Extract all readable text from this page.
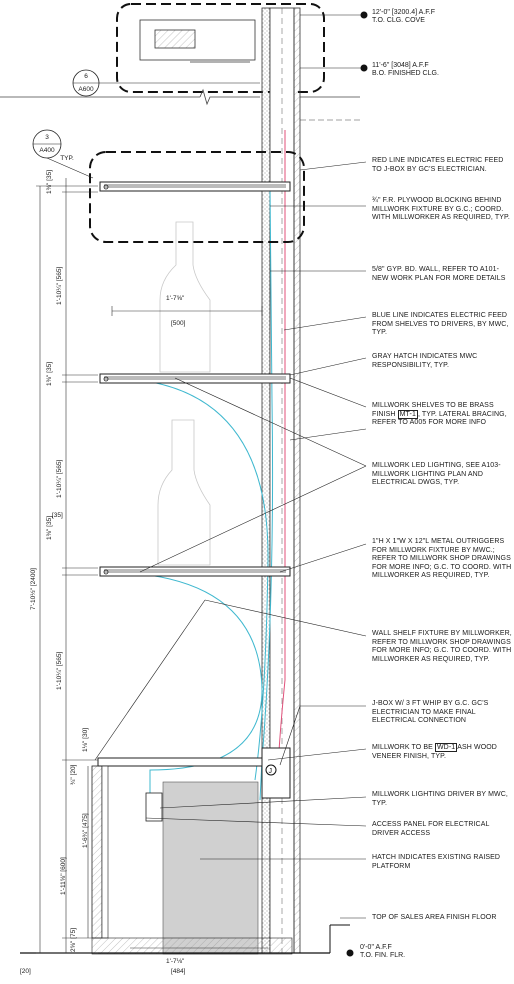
J
12'-0" [3200.4] A.F.F
T.O. CLG. COVE
11'-6" [3048] A.F.F
B.O. FINISHED CLG.
0'-0" A.F.F
T.O. FIN. FLR.
6
A600
3
A400
TYP.	RED LINE INDICATES ELECTRIC FEED TO J-BOX BY GC'S ELECTRICIAN.
¾" F.R. PLYWOOD BLOCKING BEHIND MILLWORK FIXTURE BY G.C.; COORD. WITH MILLWORKER AS REQUIRED, TYP.
5/8" GYP. BD. WALL, REFER TO A101-NEW WORK PLAN FOR MORE DETAILS
BLUE LINE INDICATES ELECTRIC FEED FROM SHELVES TO DRIVERS, BY MWC, TYP.
GRAY HATCH INDICATES MWC RESPONSIBILITY, TYP.
MILLWORK SHELVES TO BE BRASS FINISH MT-1 , TYP. LATERAL BRACING, REFER TO A005 FOR MORE INFO
MILLWORK LED LIGHTING, SEE A103-MILLWORK LIGHTING PLAN AND ELECTRICAL DWGS, TYP.
1"H X 1"W X 12"L METAL OUTRIGGERS FOR MILLWORK FIXTURE BY MWC.; REFER TO MILLWORK SHOP DRAWINGS FOR MORE INFO; G.C. TO COORD. WITH MILLWORKER AS REQUIRED, TYP.
WALL SHELF FIXTURE BY MILLWORKER, REFER TO MILLWORK SHOP DRAWINGS FOR MORE INFO; G.C. TO COORD. WITH MILLWORKER AS REQUIRED, TYP.
J-BOX W/ 3 FT WHIP BY G.C. GC'S ELECTRICIAN TO MAKE FINAL ELECTRICAL CONNECTION
MILLWORK TO BE WD-1 ASH WOOD VENEER FINISH, TYP.
MILLWORK LIGHTING DRIVER BY MWC, TYP.
ACCESS PANEL FOR ELECTRICAL DRIVER ACCESS
HATCH INDICATES EXISTING RAISED PLATFORM
TOP OF SALES AREA FINISH FLOOR
7'-10½" [2400]
1⅜" [35]
1'-10¼" [565]
1⅜" [35]
1'-10¼" [565]
1⅜" [35]
1'-10¼" [565]
1⅛" [30]
¾" [20]
1'-6¾" [475]
1'-11⅝" [600]
2⅝" [75]
1'-7⅝"
[500]
1'-7⅛"
[484]
[20]
[35]
